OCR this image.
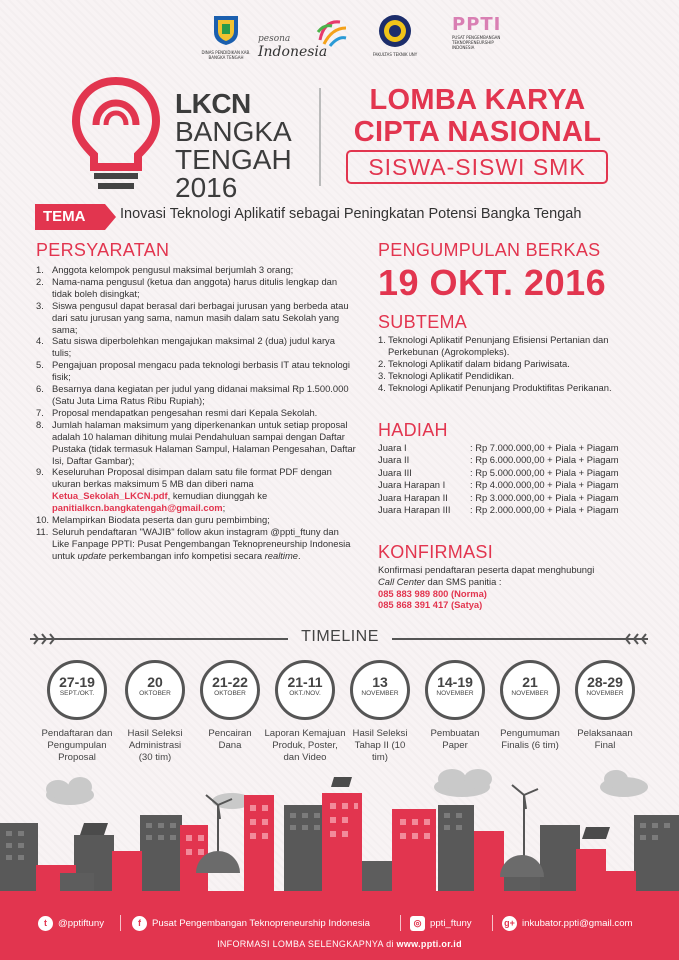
DINAS PENDIDIKAN KAB. BANGKA TENGAH
pesona
Indonesia	FAKULTAS TEKNIK UNY
PPTI
PUSAT PENGEMBANGAN TEKNOPRENEURSHIP INDONESIA
LKCN
BANGKA
TENGAH
2016
LOMBA KARYA
CIPTA NASIONAL
SISWA-SISWI SMK
TEMA	Inovasi Teknologi Aplikatif sebagai Peningkatan Potensi Bangka Tengah
PERSYARATAN
1. Anggota kelompok pengusul maksimal berjumlah 3 orang;
2. Nama-nama pengusul (ketua dan anggota) harus ditulis lengkap dan tidak boleh disingkat;
3. Siswa pengusul dapat berasal dari berbagai jurusan yang berbeda atau dari satu jurusan yang sama, namun masih dalam satu Sekolah yang sama;
4. Satu siswa diperbolehkan mengajukan maksimal 2 (dua) judul karya tulis;
5. Pengajuan proposal mengacu pada teknologi berbasis IT atau teknologi fisik;
6. Besarnya dana kegiatan per judul yang didanai maksimal Rp 1.500.000 (Satu Juta Lima Ratus Ribu Rupiah);
7. Proposal mendapatkan pengesahan resmi dari Kepala Sekolah.
8. Jumlah halaman maksimum yang diperkenankan untuk setiap proposal adalah 10 halaman dihitung mulai Pendahuluan sampai dengan Daftar Pustaka (tidak termasuk Halaman Sampul, Halaman Pengesahan, Daftar Isi, Daftar Gambar);
9. Keseluruhan Proposal disimpan dalam satu file format PDF dengan ukuran berkas maksimum 5 MB dan diberi nama Ketua_Sekolah_LKCN.pdf, kemudian diunggah ke panitialkcn.bangkatengah@gmail.com;
10. Melampirkan Biodata peserta dan guru pembimbing;
11. Seluruh pendaftaran "WAJIB" follow akun instagram @ppti_ftuny dan Like Fanpage PPTI: Pusat Pengembangan Teknopreneurship Indonesia untuk update perkembangan info kompetisi secara realtime.
PENGUMPULAN BERKAS
19 OKT. 2016
SUBTEMA
1. Teknologi Aplikatif Penunjang Efisiensi Pertanian dan Perkebunan (Agrokompleks).
2. Teknologi Aplikatif dalam bidang Pariwisata.
3. Teknologi Aplikatif Pendidikan.
4. Teknologi Aplikatif Penunjang Produktifitas Perikanan.
HADIAH
Juara I	: Rp 7.000.000,00 + Piala + Piagam
Juara II	: Rp 6.000.000,00 + Piala + Piagam
Juara III	: Rp 5.000.000,00 + Piala + Piagam
Juara Harapan I	: Rp 4.000.000,00 + Piala + Piagam
Juara Harapan II	: Rp 3.000.000,00 + Piala + Piagam
Juara Harapan III	: Rp 2.000.000,00 + Piala + Piagam
KONFIRMASI
Konfirmasi pendaftaran peserta dapat menghubungi
Call Center dan SMS panitia :
085 883 989 800 (Norma)
085 868 391 417 (Satya)
TIMELINE
27-19
SEPT./OKT.
Pendaftaran dan Pengumpulan Proposal
20
OKTOBER
Hasil Seleksi Administrasi (30 tim)
21-22
OKTOBER
Pencairan Dana
21-11
OKT./NOV.
Laporan Kemajuan Produk, Poster, dan Video
13
NOVEMBER
Hasil Seleksi Tahap II (10 tim)
14-19
NOVEMBER
Pembuatan Paper
21
NOVEMBER
Pengumuman Finalis (6 tim)
28-29
NOVEMBER
Pelaksanaan Final
t	@pptiftuny	f	Pusat Pengembangan Teknopreneurship Indonesia	◎ ppti_ftuny	g+ inkubator.ppti@gmail.com
INFORMASI LOMBA SELENGKAPNYA di www.ppti.or.id
